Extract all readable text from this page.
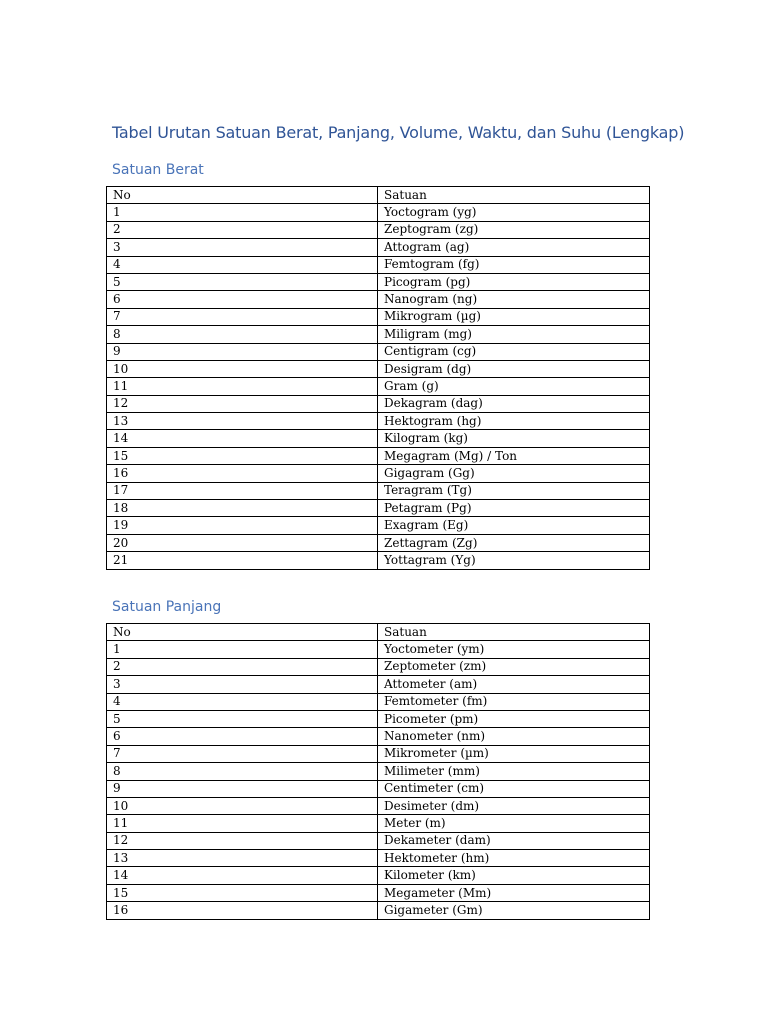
Tabel Urutan Satuan Berat, Panjang, Volume, Waktu, dan Suhu (Lengkap)
Satuan Berat
No	Satuan
1	Yoctogram (yg)
2	Zeptogram (zg)
3	Attogram (ag)
4	Femtogram (fg)
5	Picogram (pg)
6	Nanogram (ng)
7	Mikrogram (µg)
8	Miligram (mg)
9	Centigram (cg)
10	Desigram (dg)
11	Gram (g)
12	Dekagram (dag)
13	Hektogram (hg)
14	Kilogram (kg)
15	Megagram (Mg) / Ton
16	Gigagram (Gg)
17	Teragram (Tg)
18	Petagram (Pg)
19	Exagram (Eg)
20	Zettagram (Zg)
21	Yottagram (Yg)
Satuan Panjang
No	Satuan
1	Yoctometer (ym)
2	Zeptometer (zm)
3	Attometer (am)
4	Femtometer (fm)
5	Picometer (pm)
6	Nanometer (nm)
7	Mikrometer (µm)
8	Milimeter (mm)
9	Centimeter (cm)
10	Desimeter (dm)
11	Meter (m)
12	Dekameter (dam)
13	Hektometer (hm)
14	Kilometer (km)
15	Megameter (Mm)
16	Gigameter (Gm)
